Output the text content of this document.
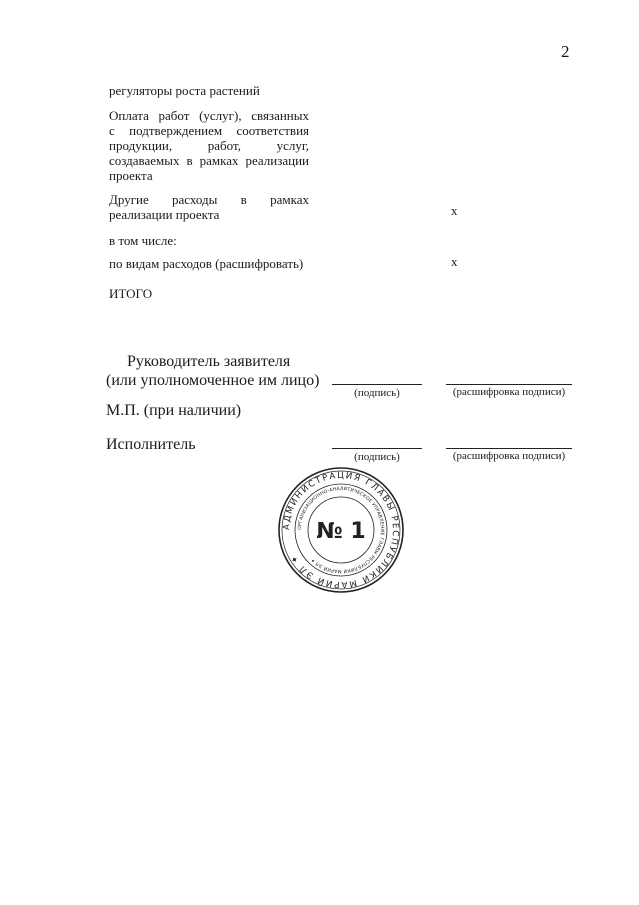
2
регуляторы роста растений
Оплата работ (услуг), связанных
с подтверждением соответствия
продукции, работ, услуг,
создаваемых в рамках реализации
проекта
Другие расходы в рамках
реализации проекта	x
в том числе:
по видам расходов (расшифровать)	x
ИТОГО
Руководитель заявителя
(или уполномоченное им лицо)
(подпись)	(расшифровка подписи)
М.П. (при наличии)
Исполнитель
(подпись)	(расшифровка подписи)
АДМИНИСТРАЦИЯ ГЛАВЫ РЕСПУБЛИКИ МАРИЙ ЭЛ ✦
ОРГАНИЗАЦИОННО-АНАЛИТИЧЕСКОЕ УПРАВЛЕНИЕ ГЛАВЫ РЕСПУБЛИКИ МАРИЙ ЭЛ ✦
№ 1
